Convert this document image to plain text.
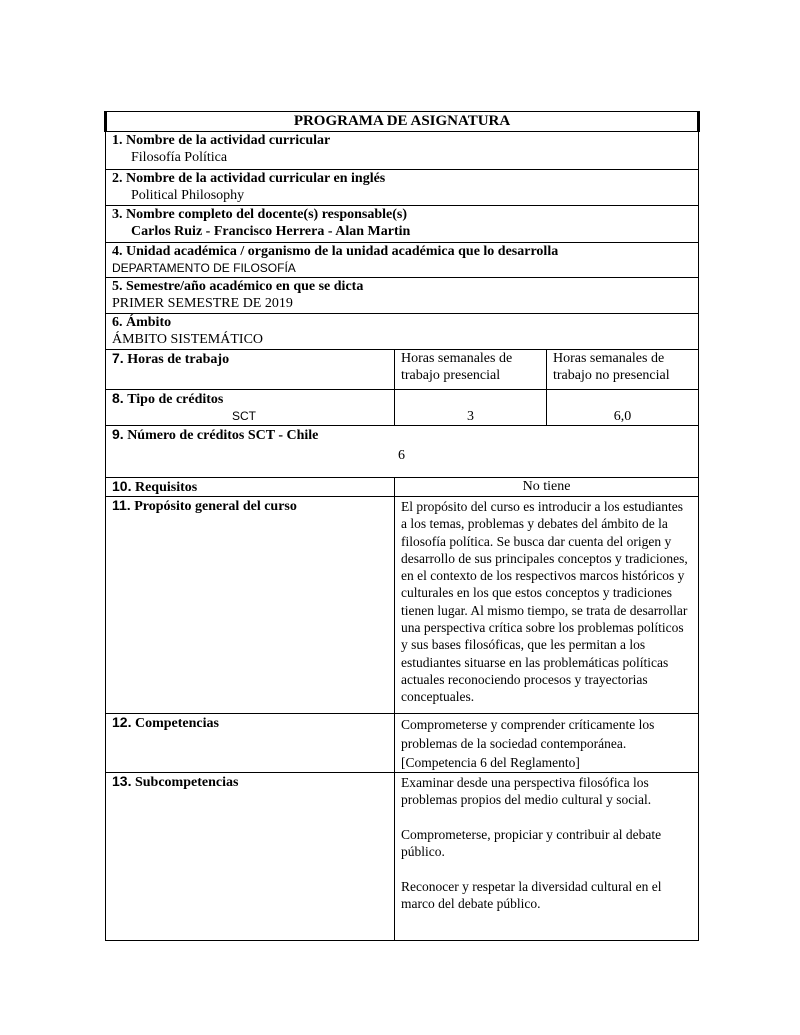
PROGRAMA DE ASIGNATURA		
1. Nombre de la actividad curricular
Filosofía Política		

2. Nombre de la actividad curricular en inglés
Political Philosophy		

3. Nombre completo del docente(s) responsable(s)
Carlos Ruiz - Francisco Herrera - Alan Martin		

4. Unidad académica / organismo de la unidad académica que lo desarrolla
DEPARTAMENTO DE FILOSOFÍA		

5. Semestre/año académico en que se dicta
PRIMER SEMESTRE DE 2019		

6. Ámbito
ÁMBITO SISTEMÁTICO		

7. Horas de trabajo	Horas semanales de trabajo presencial	Horas semanales de trabajo no presencial
8. Tipo de créditos
SCT	3	6,0
9. Número de créditos SCT - Chile
6		

10. Requisitos	No tiene	
11. Propósito general del curso	El propósito del curso es introducir a los estudiantes a los temas, problemas y debates del ámbito de la filosofía política. Se busca dar cuenta del origen y desarrollo de sus principales conceptos y tradiciones, en el contexto de los respectivos marcos históricos y culturales en los que estos conceptos y tradiciones tienen lugar. Al mismo tiempo, se trata de desarrollar una perspectiva crítica sobre los problemas políticos y sus bases filosóficas, que les permitan a los estudiantes situarse en las problemáticas políticas actuales reconociendo procesos y trayectorias conceptuales.	
12. Competencias	Comprometerse y comprender críticamente los problemas de la sociedad contemporánea.

[Competencia 6 del Reglamento]	

13. Subcompetencias	Examinar desde una perspectiva filosófica los problemas propios del medio cultural y social.

Comprometerse, propiciar y contribuir al debate público.

Reconocer y respetar la diversidad cultural en el marco del debate público.	
